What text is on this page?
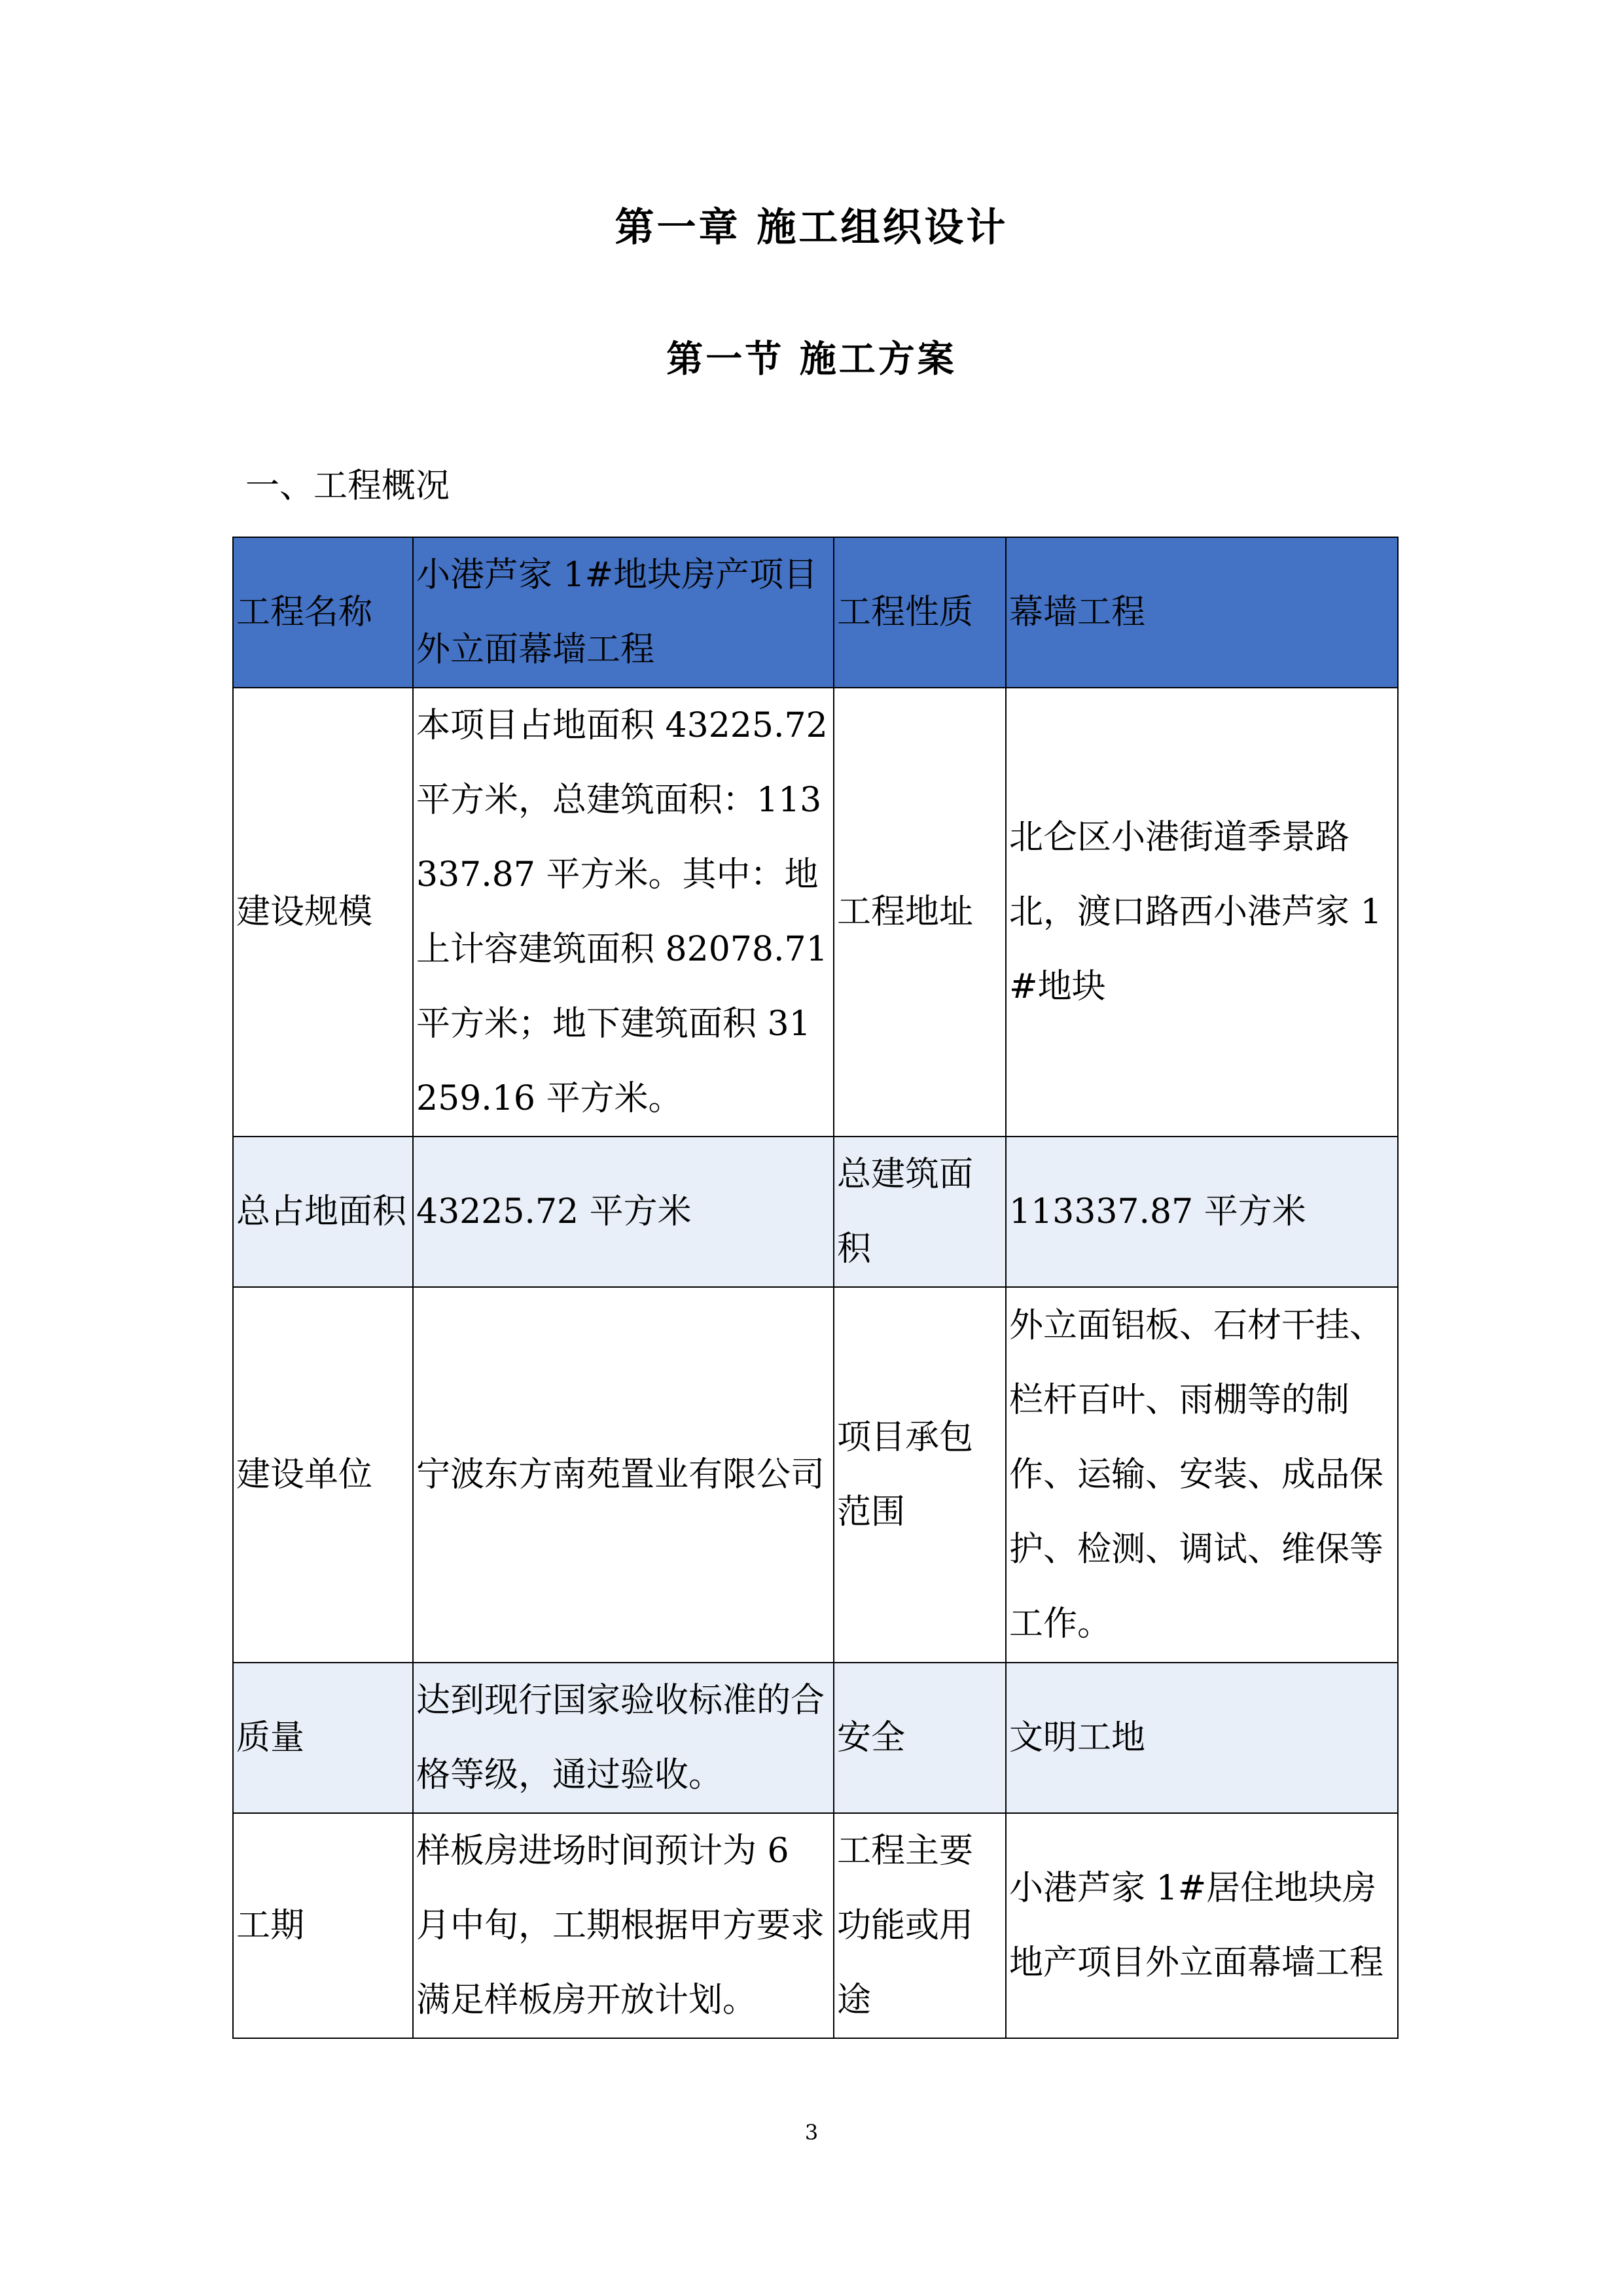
第一章 施工组织设计
第一节 施工方案
一、工程概况
工程名称	小港芦家 1#地块房产项目外立面幕墙工程	工程性质	幕墙工程
建设规模	本项目占地面积 43225.72 平方米，总建筑面积：113337.87 平方米。其中：地上计容建筑面积 82078.71 平方米；地下建筑面积 31259.16 平方米。	工程地址	北仑区小港街道季景路北，渡口路西小港芦家 1#地块
总占地面积	43225.72 平方米	总建筑面积	113337.87 平方米
建设单位	宁波东方南苑置业有限公司	项目承包范围	外立面铝板、石材干挂、栏杆百叶、雨棚等的制作、运输、安装、成品保护、检测、调试、维保等工作。
质量	达到现行国家验收标准的合格等级，通过验收。	安全	文明工地
工期	样板房进场时间预计为 6 月中旬，工期根据甲方要求满足样板房开放计划。	工程主要功能或用途	小港芦家 1#居住地块房地产项目外立面幕墙工程
3
